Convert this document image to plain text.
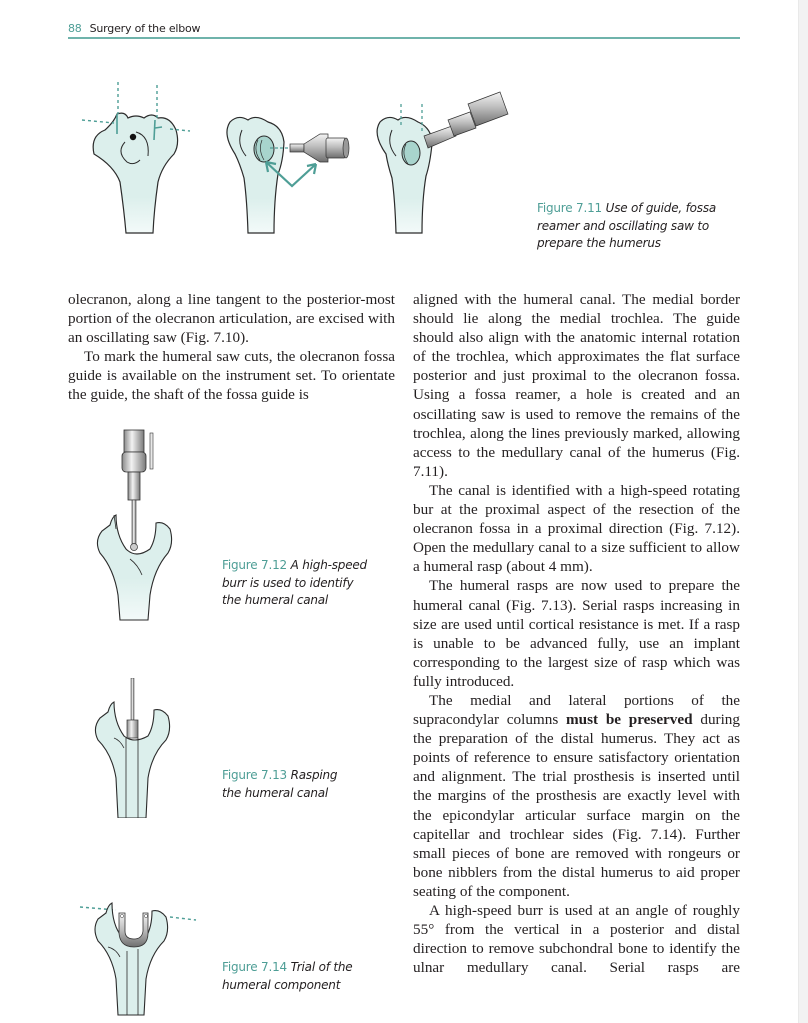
88 Surgery of the elbow
Figure 7.11 Use of guide, fossa
reamer and oscillating saw to
prepare the humerus

olecranon, along a line tangent to the posterior-most portion of the olecranon articulation, are excised with an oscillating saw (Fig. 7.10).

To mark the humeral saw cuts, the olecranon fossa guide is available on the instrument set. To orientate the guide, the shaft of the fossa guide is

aligned with the humeral canal. The medial border should lie along the medial trochlea. The guide should also align with the anatomic internal rotation of the trochlea, which approximates the flat surface posterior and just proximal to the olecranon fossa. Using a fossa reamer, a hole is created and an oscillating saw is used to remove the remains of the trochlea, along the lines previously marked, allowing access to the medullary canal of the humerus (Fig. 7.11).

The canal is identified with a high-speed rotating bur at the proximal aspect of the resection of the olecranon fossa in a proximal direction (Fig. 7.12). Open the medullary canal to a size sufficient to allow a humeral rasp (about 4 mm).

The humeral rasps are now used to prepare the humeral canal (Fig. 7.13). Serial rasps increasing in size are used until cortical resistance is met. If a rasp is unable to be advanced fully, use an implant corresponding to the largest size of rasp which was fully introduced.

The medial and lateral portions of the supracondylar columns must be preserved during the preparation of the distal humerus. They act as points of reference to ensure satisfactory orientation and alignment. The trial prosthesis is inserted until the margins of the prosthesis are exactly level with the epicondylar articular surface margin on the capitellar and trochlear sides (Fig. 7.14). Further small pieces of bone are removed with rongeurs or bone nibblers from the distal humerus to aid proper seating of the component.

A high-speed burr is used at an angle of roughly 55° from the vertical in a posterior and distal direction to remove subchondral bone to identify the ulnar medullary canal. Serial rasps are

Figure 7.12 A high-speed
burr is used to identify
the humeral canal
Figure 7.13 Rasping
the humeral canal
Figure 7.14 Trial of the
humeral component
